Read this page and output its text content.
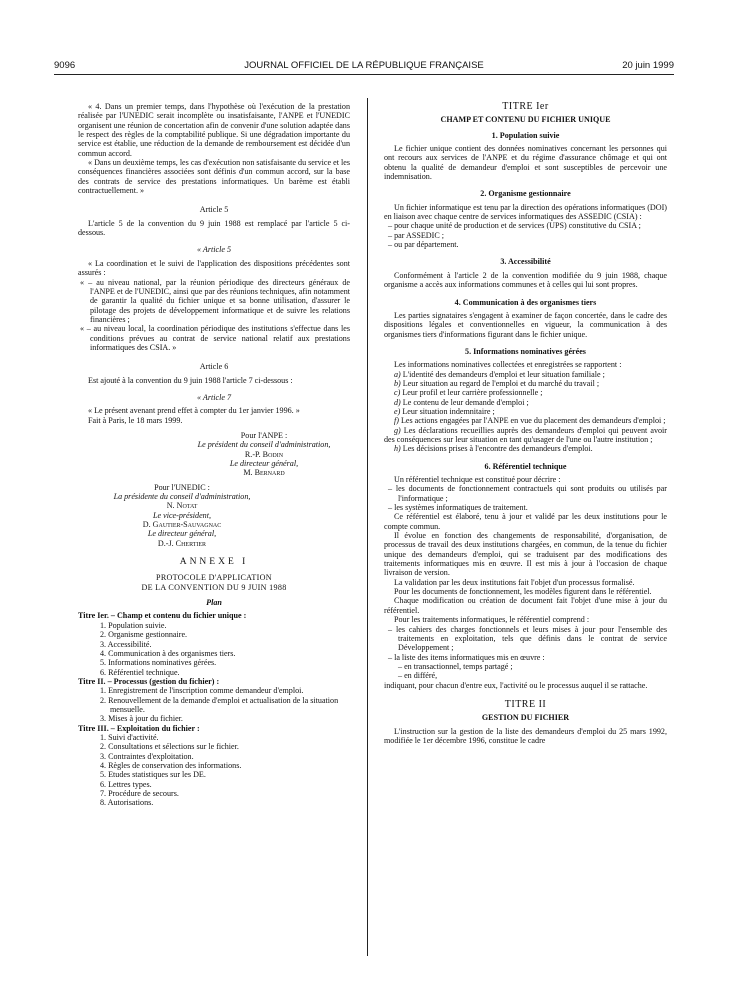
9096	JOURNAL OFFICIEL DE LA RÉPUBLIQUE FRANÇAISE	20 juin 1999

« 4. Dans un premier temps, dans l'hypothèse où l'exécution de la prestation réalisée par l'UNEDIC serait incomplète ou insatisfaisante, l'ANPE et l'UNEDIC organisent une réunion de concertation afin de convenir d'une solution adaptée dans le respect des règles de la comptabilité publique. Si une dégradation importante du service est établie, une réduction de la demande de remboursement est décidée d'un commun accord.

« Dans un deuxième temps, les cas d'exécution non satisfaisante du service et les conséquences financières associées sont définis d'un commun accord, sur la base des contrats de service des prestations informatiques. Un barème est établi contractuellement. »

Article 5

L'article 5 de la convention du 9 juin 1988 est remplacé par l'article 5 ci-dessous.

« Article 5

« La coordination et le suivi de l'application des dispositions précédentes sont assurés :

« – au niveau national, par la réunion périodique des directeurs généraux de l'ANPE et de l'UNEDIC, ainsi que par des réunions techniques, afin notamment de garantir la qualité du fichier unique et sa bonne utilisation, d'assurer le pilotage des projets de développement informatique et de suivre les relations financières ;

« – au niveau local, la coordination périodique des institutions s'effectue dans les conditions prévues au contrat de service national relatif aux prestations informatiques des CSIA. »

Article 6

Est ajouté à la convention du 9 juin 1988 l'article 7 ci-dessous :

« Article 7

« Le présent avenant prend effet à compter du 1er janvier 1996. »

Fait à Paris, le 18 mars 1999.

Pour l'ANPE :

Le président du conseil d'administration,

R.-P. Bodin

Le directeur général,

M. Bernard

Pour l'UNEDIC :

La présidente du conseil d'administration,

N. Notat

Le vice-président,

D. Gautier-Sauvagnac

Le directeur général,

D.-J. Chertier

ANNEXE I

PROTOCOLE D'APPLICATION

DE LA CONVENTION DU 9 JUIN 1988

Plan

Titre Ier. – Champ et contenu du fichier unique :

1. Population suivie.

2. Organisme gestionnaire.

3. Accessibilité.

4. Communication à des organismes tiers.

5. Informations nominatives gérées.

6. Référentiel technique.

Titre II. – Processus (gestion du fichier) :

1. Enregistrement de l'inscription comme demandeur d'emploi.

2. Renouvellement de la demande d'emploi et actualisation de la situation mensuelle.

3. Mises à jour du fichier.

Titre III. – Exploitation du fichier :

1. Suivi d'activité.

2. Consultations et sélections sur le fichier.

3. Contraintes d'exploitation.

4. Règles de conservation des informations.

5. Etudes statistiques sur les DE.

6. Lettres types.

7. Procédure de secours.

8. Autorisations.

TITRE Ier

CHAMP ET CONTENU DU FICHIER UNIQUE

1. Population suivie

Le fichier unique contient des données nominatives concernant les personnes qui ont recours aux services de l'ANPE et du régime d'assurance chômage et qui ont obtenu la qualité de demandeur d'emploi et sont susceptibles de percevoir une indemnisation.

2. Organisme gestionnaire

Un fichier informatique est tenu par la direction des opérations informatiques (DOI) en liaison avec chaque centre de services informatiques des ASSEDIC (CSIA) :

– pour chaque unité de production et de services (UPS) constitutive du CSIA ;

– par ASSEDIC ;

– ou par département.

3. Accessibilité

Conformément à l'article 2 de la convention modifiée du 9 juin 1988, chaque organisme a accès aux informations communes et à celles qui lui sont propres.

4. Communication à des organismes tiers

Les parties signataires s'engagent à examiner de façon concertée, dans le cadre des dispositions légales et conventionnelles en vigueur, la communication à des organismes tiers d'informations figurant dans le fichier unique.

5. Informations nominatives gérées

Les informations nominatives collectées et enregistrées se rapportent :

a) L'identité des demandeurs d'emploi et leur situation familiale ;

b) Leur situation au regard de l'emploi et du marché du travail ;

c) Leur profil et leur carrière professionnelle ;

d) Le contenu de leur demande d'emploi ;

e) Leur situation indemnitaire ;

f) Les actions engagées par l'ANPE en vue du placement des demandeurs d'emploi ;

g) Les déclarations recueillies auprès des demandeurs d'emploi qui peuvent avoir des conséquences sur leur situation en tant qu'usager de l'une ou l'autre institution ;

h) Les décisions prises à l'encontre des demandeurs d'emploi.

6. Référentiel technique

Un référentiel technique est constitué pour décrire :

– les documents de fonctionnement contractuels qui sont produits ou utilisés par l'informatique ;

– les systèmes informatiques de traitement.

Ce référentiel est élaboré, tenu à jour et validé par les deux institutions pour le compte commun.

Il évolue en fonction des changements de responsabilité, d'organisation, de processus de travail des deux institutions chargées, en commun, de la tenue du fichier unique des demandeurs d'emploi, qui se traduisent par des modifications des traitements informatiques mis en œuvre. Il est mis à jour à l'occasion de chaque livraison de version.

La validation par les deux institutions fait l'objet d'un processus formalisé.

Pour les documents de fonctionnement, les modèles figurent dans le référentiel.

Chaque modification ou création de document fait l'objet d'une mise à jour du référentiel.

Pour les traitements informatiques, le référentiel comprend :

– les cahiers des charges fonctionnels et leurs mises à jour pour l'ensemble des traitements en exploitation, tels que définis dans le contrat de service Développement ;

– la liste des items informatiques mis en œuvre :

– en transactionnel, temps partagé ;

– en différé,

indiquant, pour chacun d'entre eux, l'activité ou le processus auquel il se rattache.

TITRE II

GESTION DU FICHIER

L'instruction sur la gestion de la liste des demandeurs d'emploi du 25 mars 1992, modifiée le 1er décembre 1996, constitue le cadre
